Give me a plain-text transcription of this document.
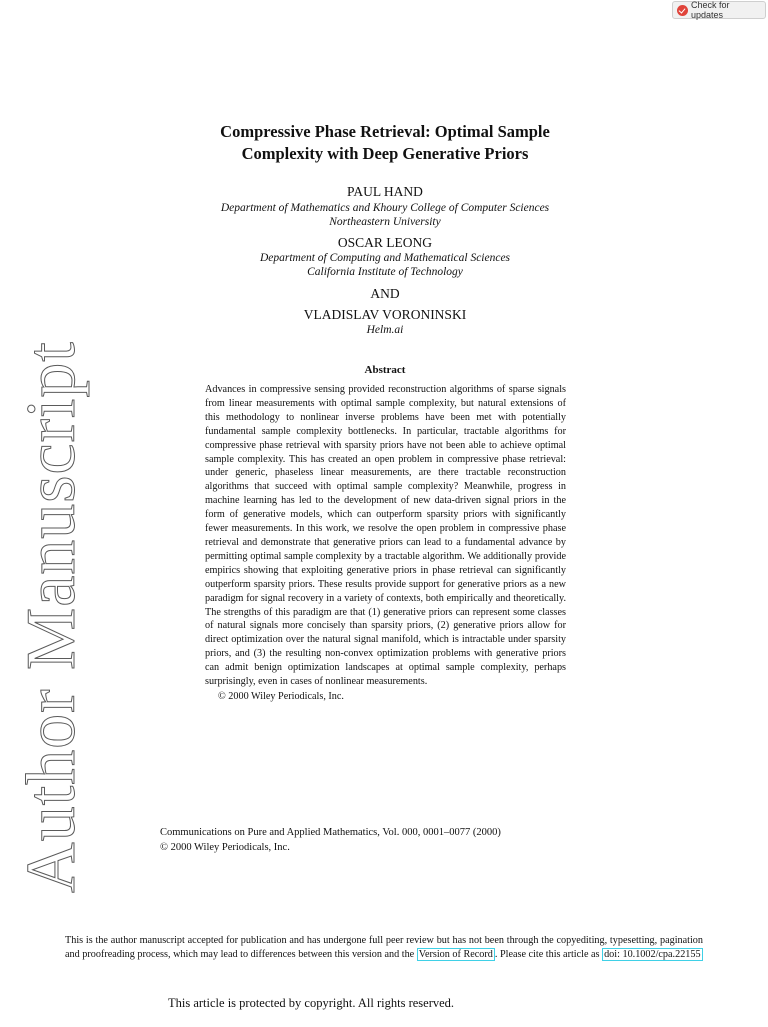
Check for updates
Author Manuscript
Compressive Phase Retrieval: Optimal Sample Complexity with Deep Generative Priors
PAUL HAND
Department of Mathematics and Khoury College of Computer Sciences
Northeastern University
OSCAR LEONG
Department of Computing and Mathematical Sciences
California Institute of Technology
AND
VLADISLAV VORONINSKI
Helm.ai
Abstract
Advances in compressive sensing provided reconstruction algorithms of sparse signals from linear measurements with optimal sample complexity, but natural extensions of this methodology to nonlinear inverse problems have been met with potentially fundamental sample complexity bottlenecks. In particular, tractable algorithms for compressive phase retrieval with sparsity priors have not been able to achieve optimal sample complexity. This has created an open problem in compressive phase retrieval: under generic, phaseless linear measurements, are there tractable reconstruction algorithms that succeed with optimal sample complexity? Meanwhile, progress in machine learning has led to the development of new data-driven signal priors in the form of generative models, which can outperform sparsity priors with significantly fewer measurements. In this work, we resolve the open problem in compressive phase retrieval and demonstrate that generative priors can lead to a fundamental advance by permitting optimal sample complexity by a tractable algorithm. We additionally provide empirics showing that exploiting generative priors in phase retrieval can significantly outperform sparsity priors. These results provide support for generative priors as a new paradigm for signal recovery in a variety of contexts, both empirically and theoretically. The strengths of this paradigm are that (1) generative priors can represent some classes of natural signals more concisely than sparsity priors, (2) generative priors allow for direct optimization over the natural signal manifold, which is intractable under sparsity priors, and (3) the resulting non-convex optimization problems with generative priors can admit benign optimization landscapes at optimal sample complexity, perhaps surprisingly, even in cases of nonlinear measurements.
© 2000 Wiley Periodicals, Inc.
Communications on Pure and Applied Mathematics, Vol. 000, 0001–0077 (2000)
© 2000 Wiley Periodicals, Inc.
This is the author manuscript accepted for publication and has undergone full peer review but has not been through the copyediting, typesetting, pagination and proofreading process, which may lead to differences between this version and the Version of Record . Please cite this article as doi: 10.1002/cpa.22155
This article is protected by copyright. All rights reserved.
